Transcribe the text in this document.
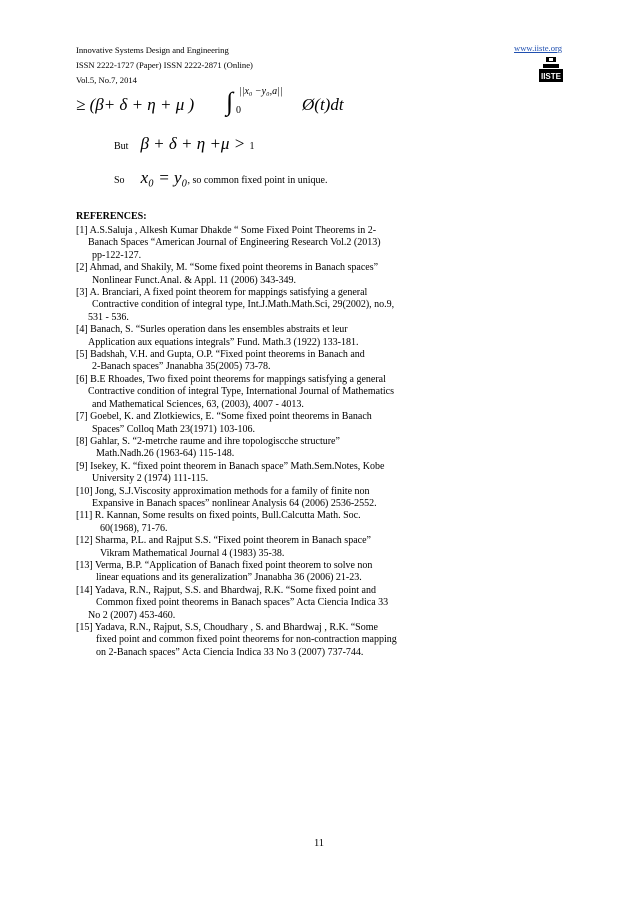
Innovative Systems Design and Engineering
ISSN 2222-1727 (Paper) ISSN 2222-2871 (Online)
Vol.5, No.7, 2014
www.iiste.org
IISTE
≥ (β+ δ + η + μ ) ∫ ||x₀ −y₀,a||
0	Ø(t)dt
But β + δ + η +μ > 1
So x₀ = y₀, so common fixed point in unique.
REFERENCES:
[1] A.S.Saluja , Alkesh Kumar Dhakde “ Some Fixed Point Theorems in 2-
Banach Spaces “American Journal of Engineering Research Vol.2 (2013)
pp-122-127.
[2] Ahmad, and Shakily, M. “Some fixed point theorems in Banach spaces”
Nonlinear Funct.Anal. & Appl. 11 (2006) 343-349.
[3] A. Branciari, A fixed point theorem for mappings satisfying a general
Contractive condition of integral type, Int.J.Math.Math.Sci, 29(2002), no.9,
531 - 536.
[4] Banach, S. “Surles operation dans les ensembles abstraits et leur
Application aux equations integrals” Fund. Math.3 (1922) 133-181.
[5] Badshah, V.H. and Gupta, O.P. “Fixed point theorems in Banach and
2-Banach spaces” Jnanabha 35(2005) 73-78.
[6] B.E Rhoades, Two fixed point theorems for mappings satisfying a general
Contractive condition of integral Type, International Journal of Mathematics
and Mathematical Sciences, 63, (2003), 4007 - 4013.
[7] Goebel, K. and Zlotkiewics, E. “Some fixed point theorems in Banach
Spaces” Colloq Math 23(1971) 103-106.
[8] Gahlar, S. “2-metrche raume and ihre topologiscche structure”
Math.Nadh.26 (1963-64) 115-148.
[9] Isekey, K. “fixed point theorem in Banach space” Math.Sem.Notes, Kobe
University 2 (1974) 111-115.
[10] Jong, S.J.Viscosity approximation methods for a family of finite non
Expansive in Banach spaces” nonlinear Analysis 64 (2006) 2536-2552.
[11] R. Kannan, Some results on fixed points, Bull.Calcutta Math. Soc.
60(1968), 71-76.
[12] Sharma, P.L. and Rajput S.S. “Fixed point theorem in Banach space”
Vikram Mathematical Journal 4 (1983) 35-38.
[13] Verma, B.P. “Application of Banach fixed point theorem to solve non
linear equations and its generalization” Jnanabha 36 (2006) 21-23.
[14] Yadava, R.N., Rajput, S.S. and Bhardwaj, R.K. “Some fixed point and
Common fixed point theorems in Banach spaces” Acta Ciencia Indica 33
No 2 (2007) 453-460.
[15] Yadava, R.N., Rajput, S.S, Choudhary , S. and Bhardwaj , R.K. “Some
fixed point and common fixed point theorems for non-contraction mapping
on 2-Banach spaces” Acta Ciencia Indica 33 No 3 (2007) 737-744.
11
